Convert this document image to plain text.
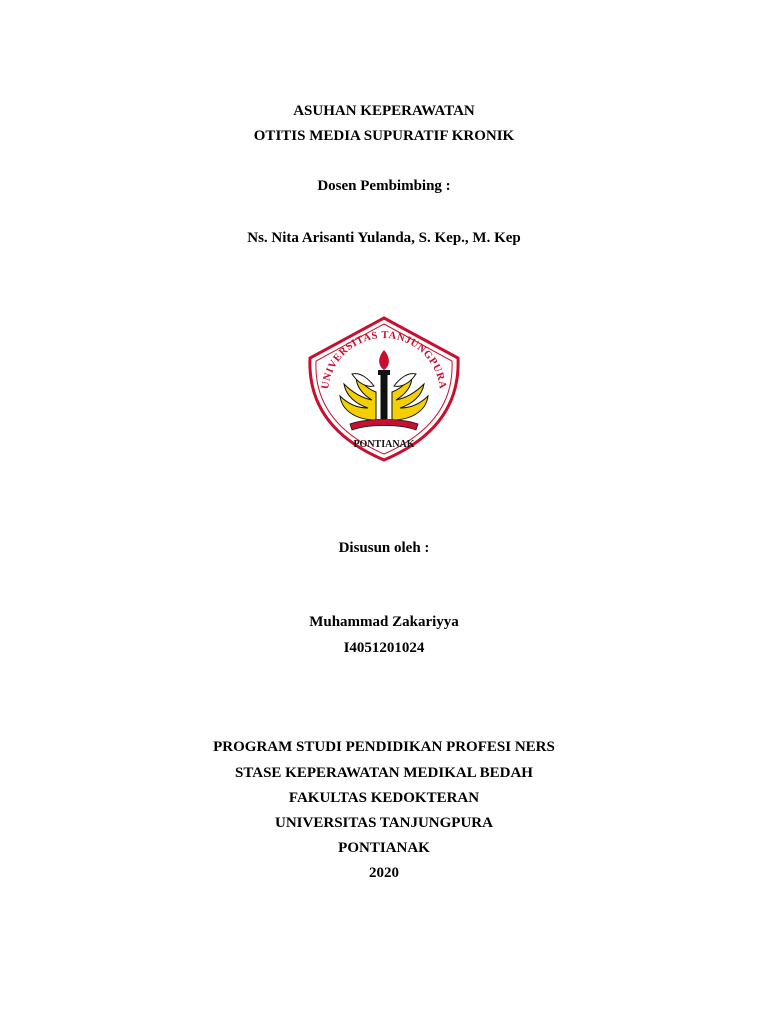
ASUHAN KEPERAWATAN
OTITIS MEDIA SUPURATIF KRONIK
Dosen Pembimbing :
Ns. Nita Arisanti Yulanda, S. Kep., M. Kep
UNIVERSITAS TANJUNGPURA
PONTIANAK
Disusun oleh :
Muhammad Zakariyya
I4051201024
PROGRAM STUDI PENDIDIKAN PROFESI NERS
STASE KEPERAWATAN MEDIKAL BEDAH
FAKULTAS KEDOKTERAN
UNIVERSITAS TANJUNGPURA
PONTIANAK
2020
